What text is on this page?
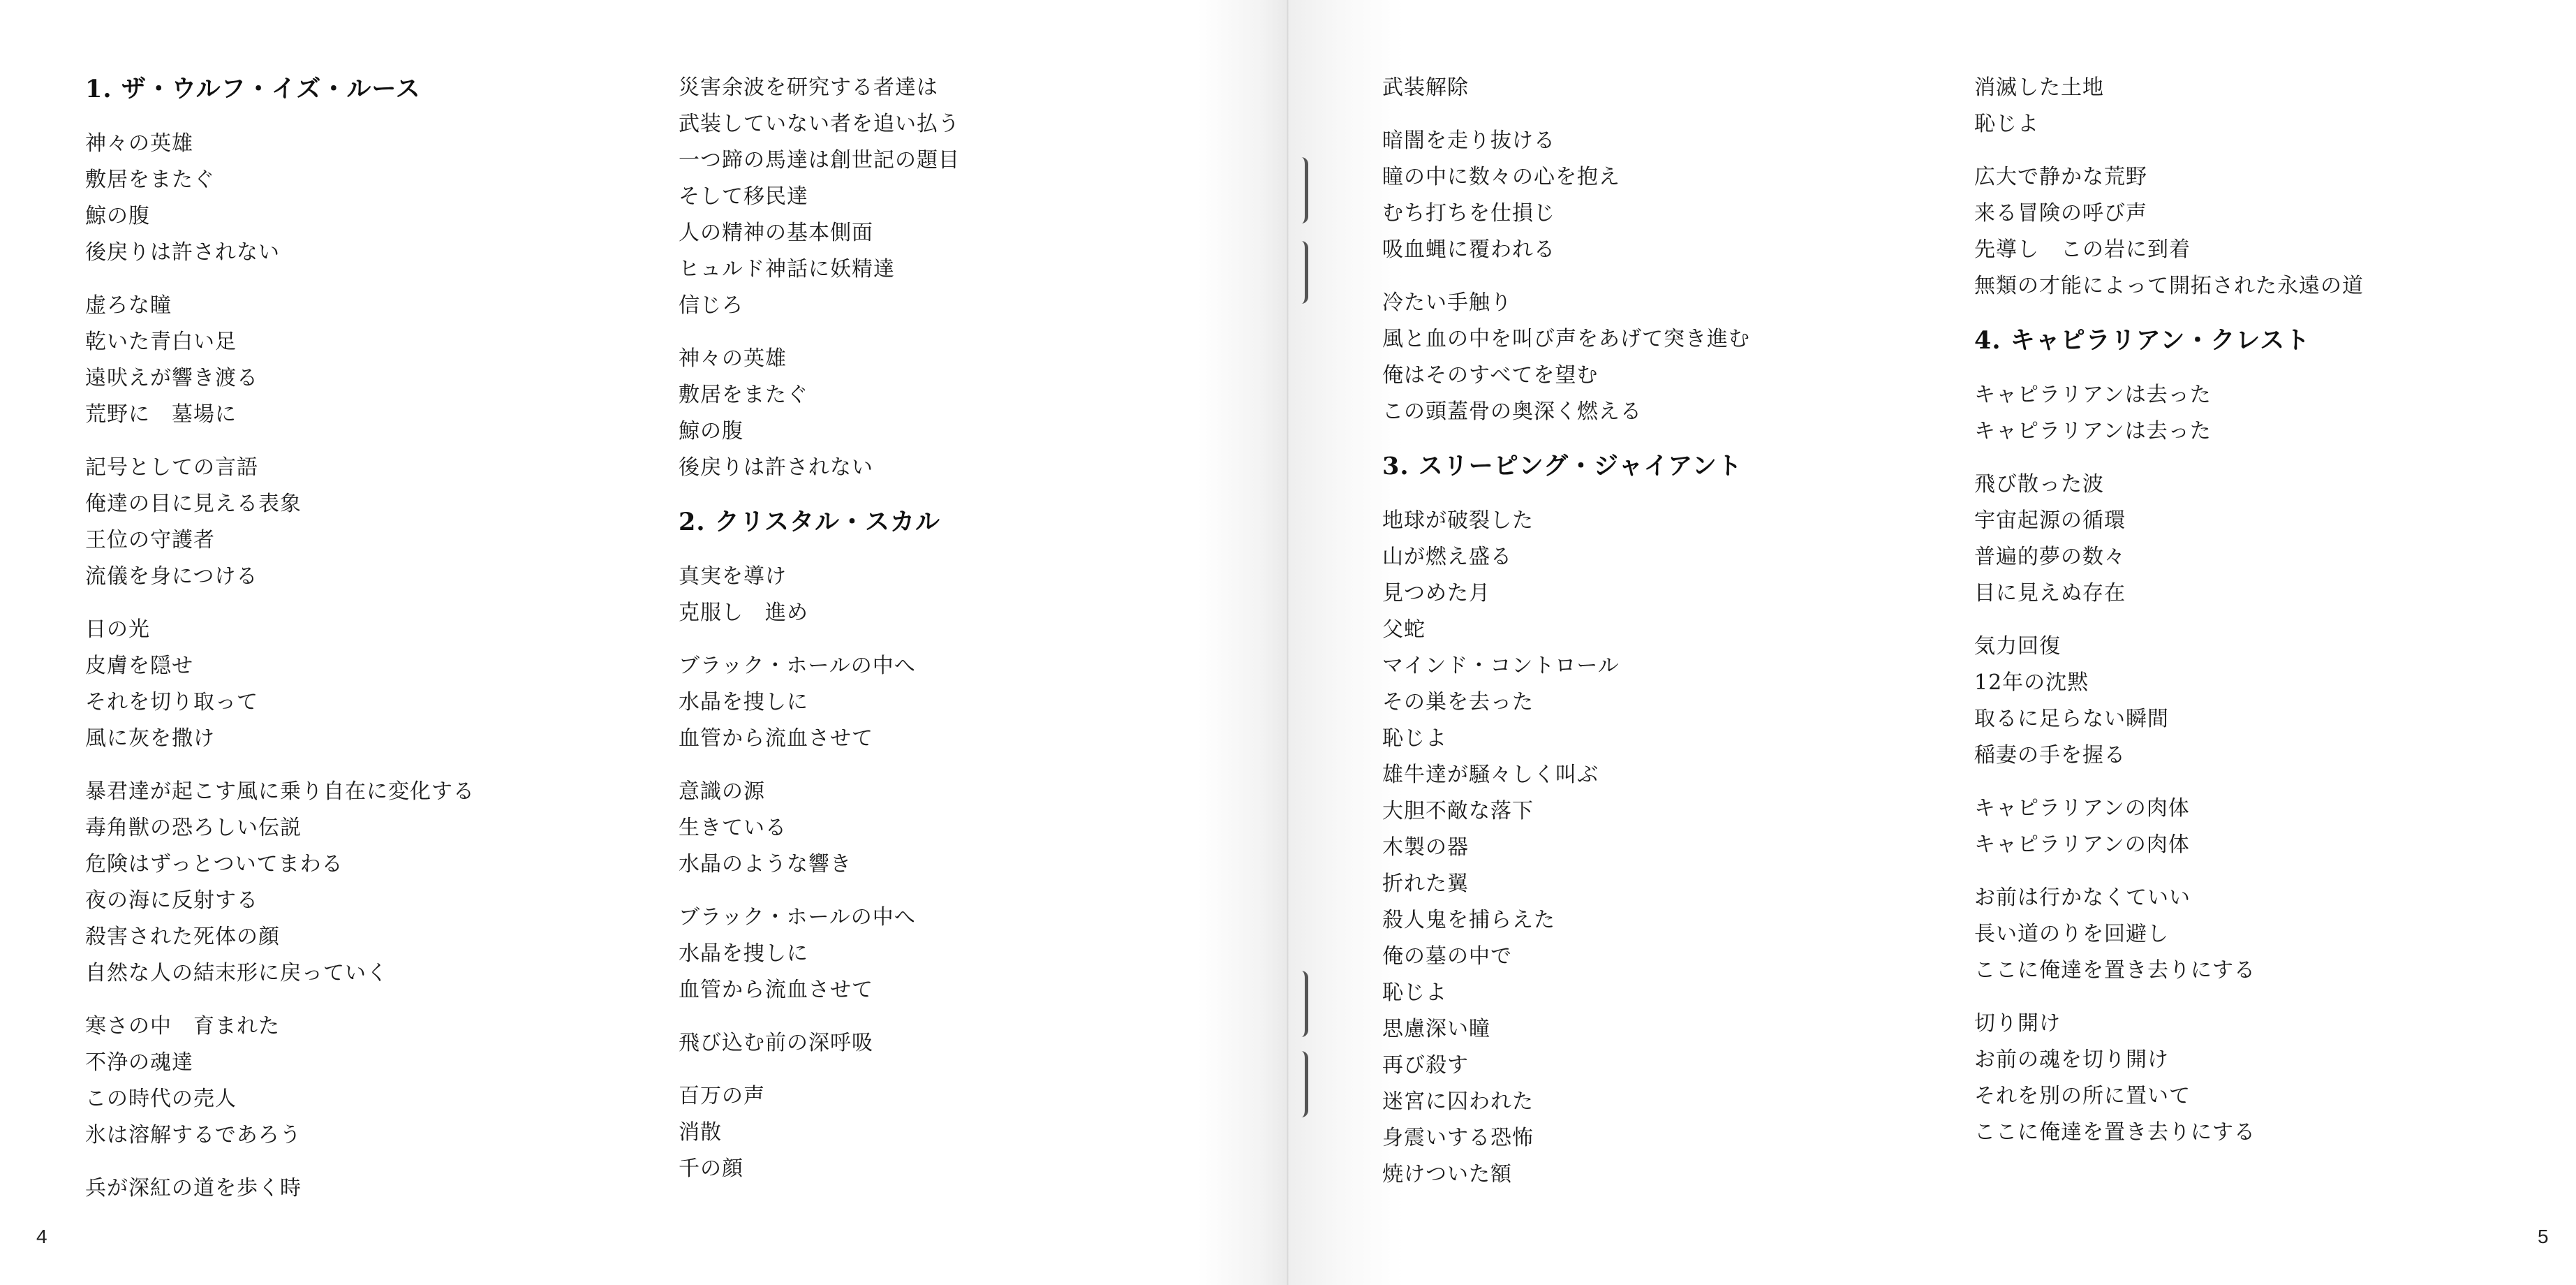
1. ザ・ウルフ・イズ・ルース
神々の英雄
敷居をまたぐ
鯨の腹
後戻りは許されない
虚ろな瞳
乾いた青白い足
遠吠えが響き渡る
荒野に　墓場に
記号としての言語
俺達の目に見える表象
王位の守護者
流儀を身につける
日の光
皮膚を隠せ
それを切り取って
風に灰を撒け
暴君達が起こす風に乗り自在に変化する
毒角獣の恐ろしい伝説
危険はずっとついてまわる
夜の海に反射する
殺害された死体の顔
自然な人の結末形に戻っていく
寒さの中　育まれた
不浄の魂達
この時代の売人
氷は溶解するであろう
兵が深紅の道を歩く時
災害余波を研究する者達は
武装していない者を追い払う
一つ蹄の馬達は創世記の題目
そして移民達
人の精神の基本側面
ヒュルド神話に妖精達
信じろ
神々の英雄
敷居をまたぐ
鯨の腹
後戻りは許されない
2. クリスタル・スカル
真実を導け
克服し　進め
ブラック・ホールの中へ
水晶を捜しに
血管から流血させて
意識の源
生きている
水晶のような響き
ブラック・ホールの中へ
水晶を捜しに
血管から流血させて
飛び込む前の深呼吸
百万の声
消散
千の顔
4
武装解除
暗闇を走り抜ける
瞳の中に数々の心を抱え
むち打ちを仕損じ
吸血蝿に覆われる
冷たい手触り
風と血の中を叫び声をあげて突き進む
俺はそのすべてを望む
この頭蓋骨の奥深く燃える
3. スリーピング・ジャイアント
地球が破裂した
山が燃え盛る
見つめた月
父蛇
マインド・コントロール
その巣を去った
恥じよ
雄牛達が騒々しく叫ぶ
大胆不敵な落下
木製の器
折れた翼
殺人鬼を捕らえた
俺の墓の中で
恥じよ
思慮深い瞳
再び殺す
迷宮に囚われた
身震いする恐怖
焼けついた額
消滅した土地
恥じよ
広大で静かな荒野
来る冒険の呼び声
先導し　この岩に到着
無類の才能によって開拓された永遠の道
4. キャピラリアン・クレスト
キャピラリアンは去った
キャピラリアンは去った
飛び散った波
宇宙起源の循環
普遍的夢の数々
目に見えぬ存在
気力回復
12年の沈黙
取るに足らない瞬間
稲妻の手を握る
キャピラリアンの肉体
キャピラリアンの肉体
お前は行かなくていい
長い道のりを回避し
ここに俺達を置き去りにする
切り開け
お前の魂を切り開け
それを別の所に置いて
ここに俺達を置き去りにする
5
